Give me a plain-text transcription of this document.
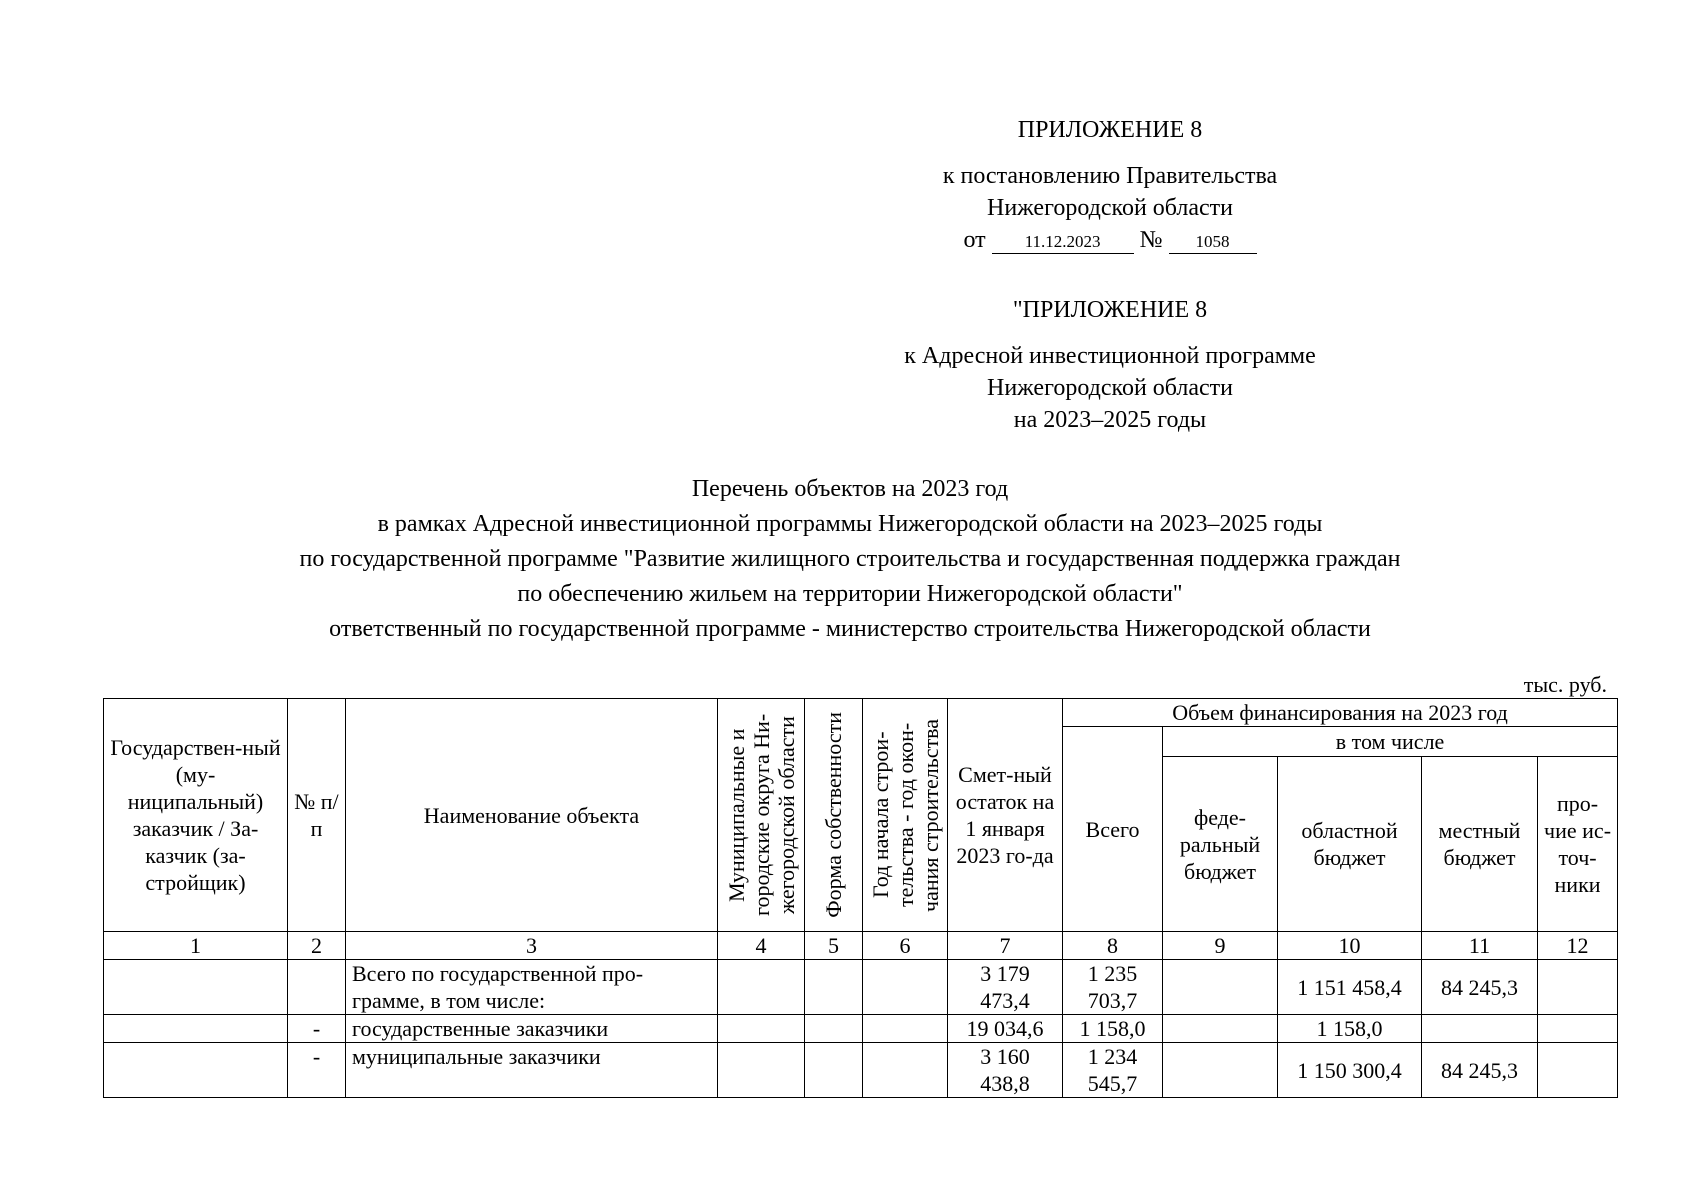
ПРИЛОЖЕНИЕ 8
к постановлению Правительства
Нижегородской области
от 11.12.2023 № 1058
"ПРИЛОЖЕНИЕ 8
к Адресной инвестиционной программе
Нижегородской области
на 2023–2025 годы
Перечень объектов на 2023 год
в рамках Адресной инвестиционной программы Нижегородской области на 2023–2025 годы
по государственной программе "Развитие жилищного строительства и государственная поддержка граждан
по обеспечению жильем на территории Нижегородской области"
ответственный по государственной программе - министерство строительства Нижегородской области
тыс. руб.
Государствен-ный (му-ниципальный) заказчик / За-казчик (за-стройщик)	№ п/п	Наименование объекта	Муниципальные и городские округа Ни-жегородской области	Форма собственности	Год начала строи-тельства - год окон-чания строительства	Смет-ный остаток на 1 января 2023 го-да	Объем финансирования на 2023 год				
							Всего	в том числе			
								феде-ральный бюджет	областной бюджет	местный бюджет	про-чие ис-точ-ники
1	2	3	4	5	6	7	8	9	10	11	12
		Всего по государственной про-грамме, в том числе:				3 179 473,4	1 235 703,7		1 151 458,4	84 245,3	
	-	государственные заказчики				19 034,6	1 158,0		1 158,0		
	-	муниципальные заказчики				3 160 438,8	1 234 545,7		1 150 300,4	84 245,3	
